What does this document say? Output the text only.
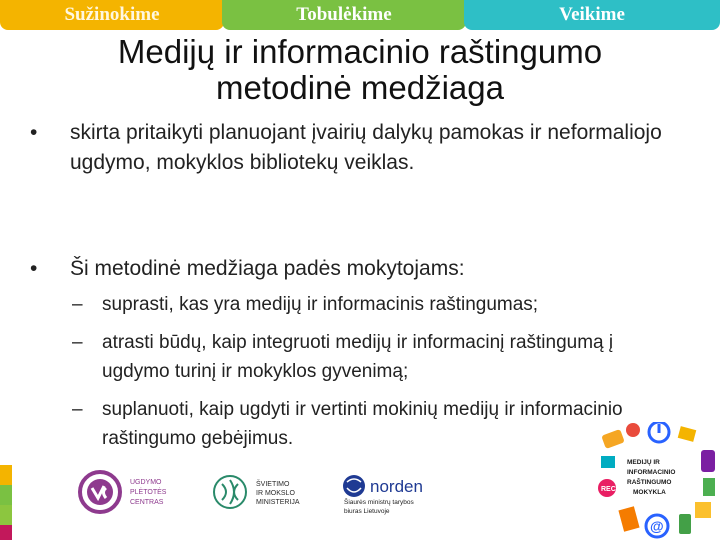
Sužinokime	Tobulėkime	Veikime
Medijų ir informacinio raštingumo
metodinė medžiaga
• skirta pritaikyti planuojant įvairių dalykų pamokas ir neformaliojo ugdymo, mokyklos bibliotekų veiklas.
• Ši metodinė medžiaga padės mokytojams:
– suprasti, kas yra medijų ir informacinis raštingumas;
– atrasti būdų, kaip integruoti medijų ir informacinį raštingumą į ugdymo turinį ir mokyklos gyvenimą;
– suplanuoti, kaip ugdyti ir vertinti mokinių medijų ir informacinio raštingumo gebėjimus.
UGDYMO
PLĖTOTĖS
CENTRAS
ŠVIETIMO
IR MOKSLO
MINISTERIJA
norden
Šiaurės ministrų tarybos
biuras Lietuvoje
REC
@
MEDIJŲ IR
INFORMACINIO
RAŠTINGUMO
MOKYKLA
